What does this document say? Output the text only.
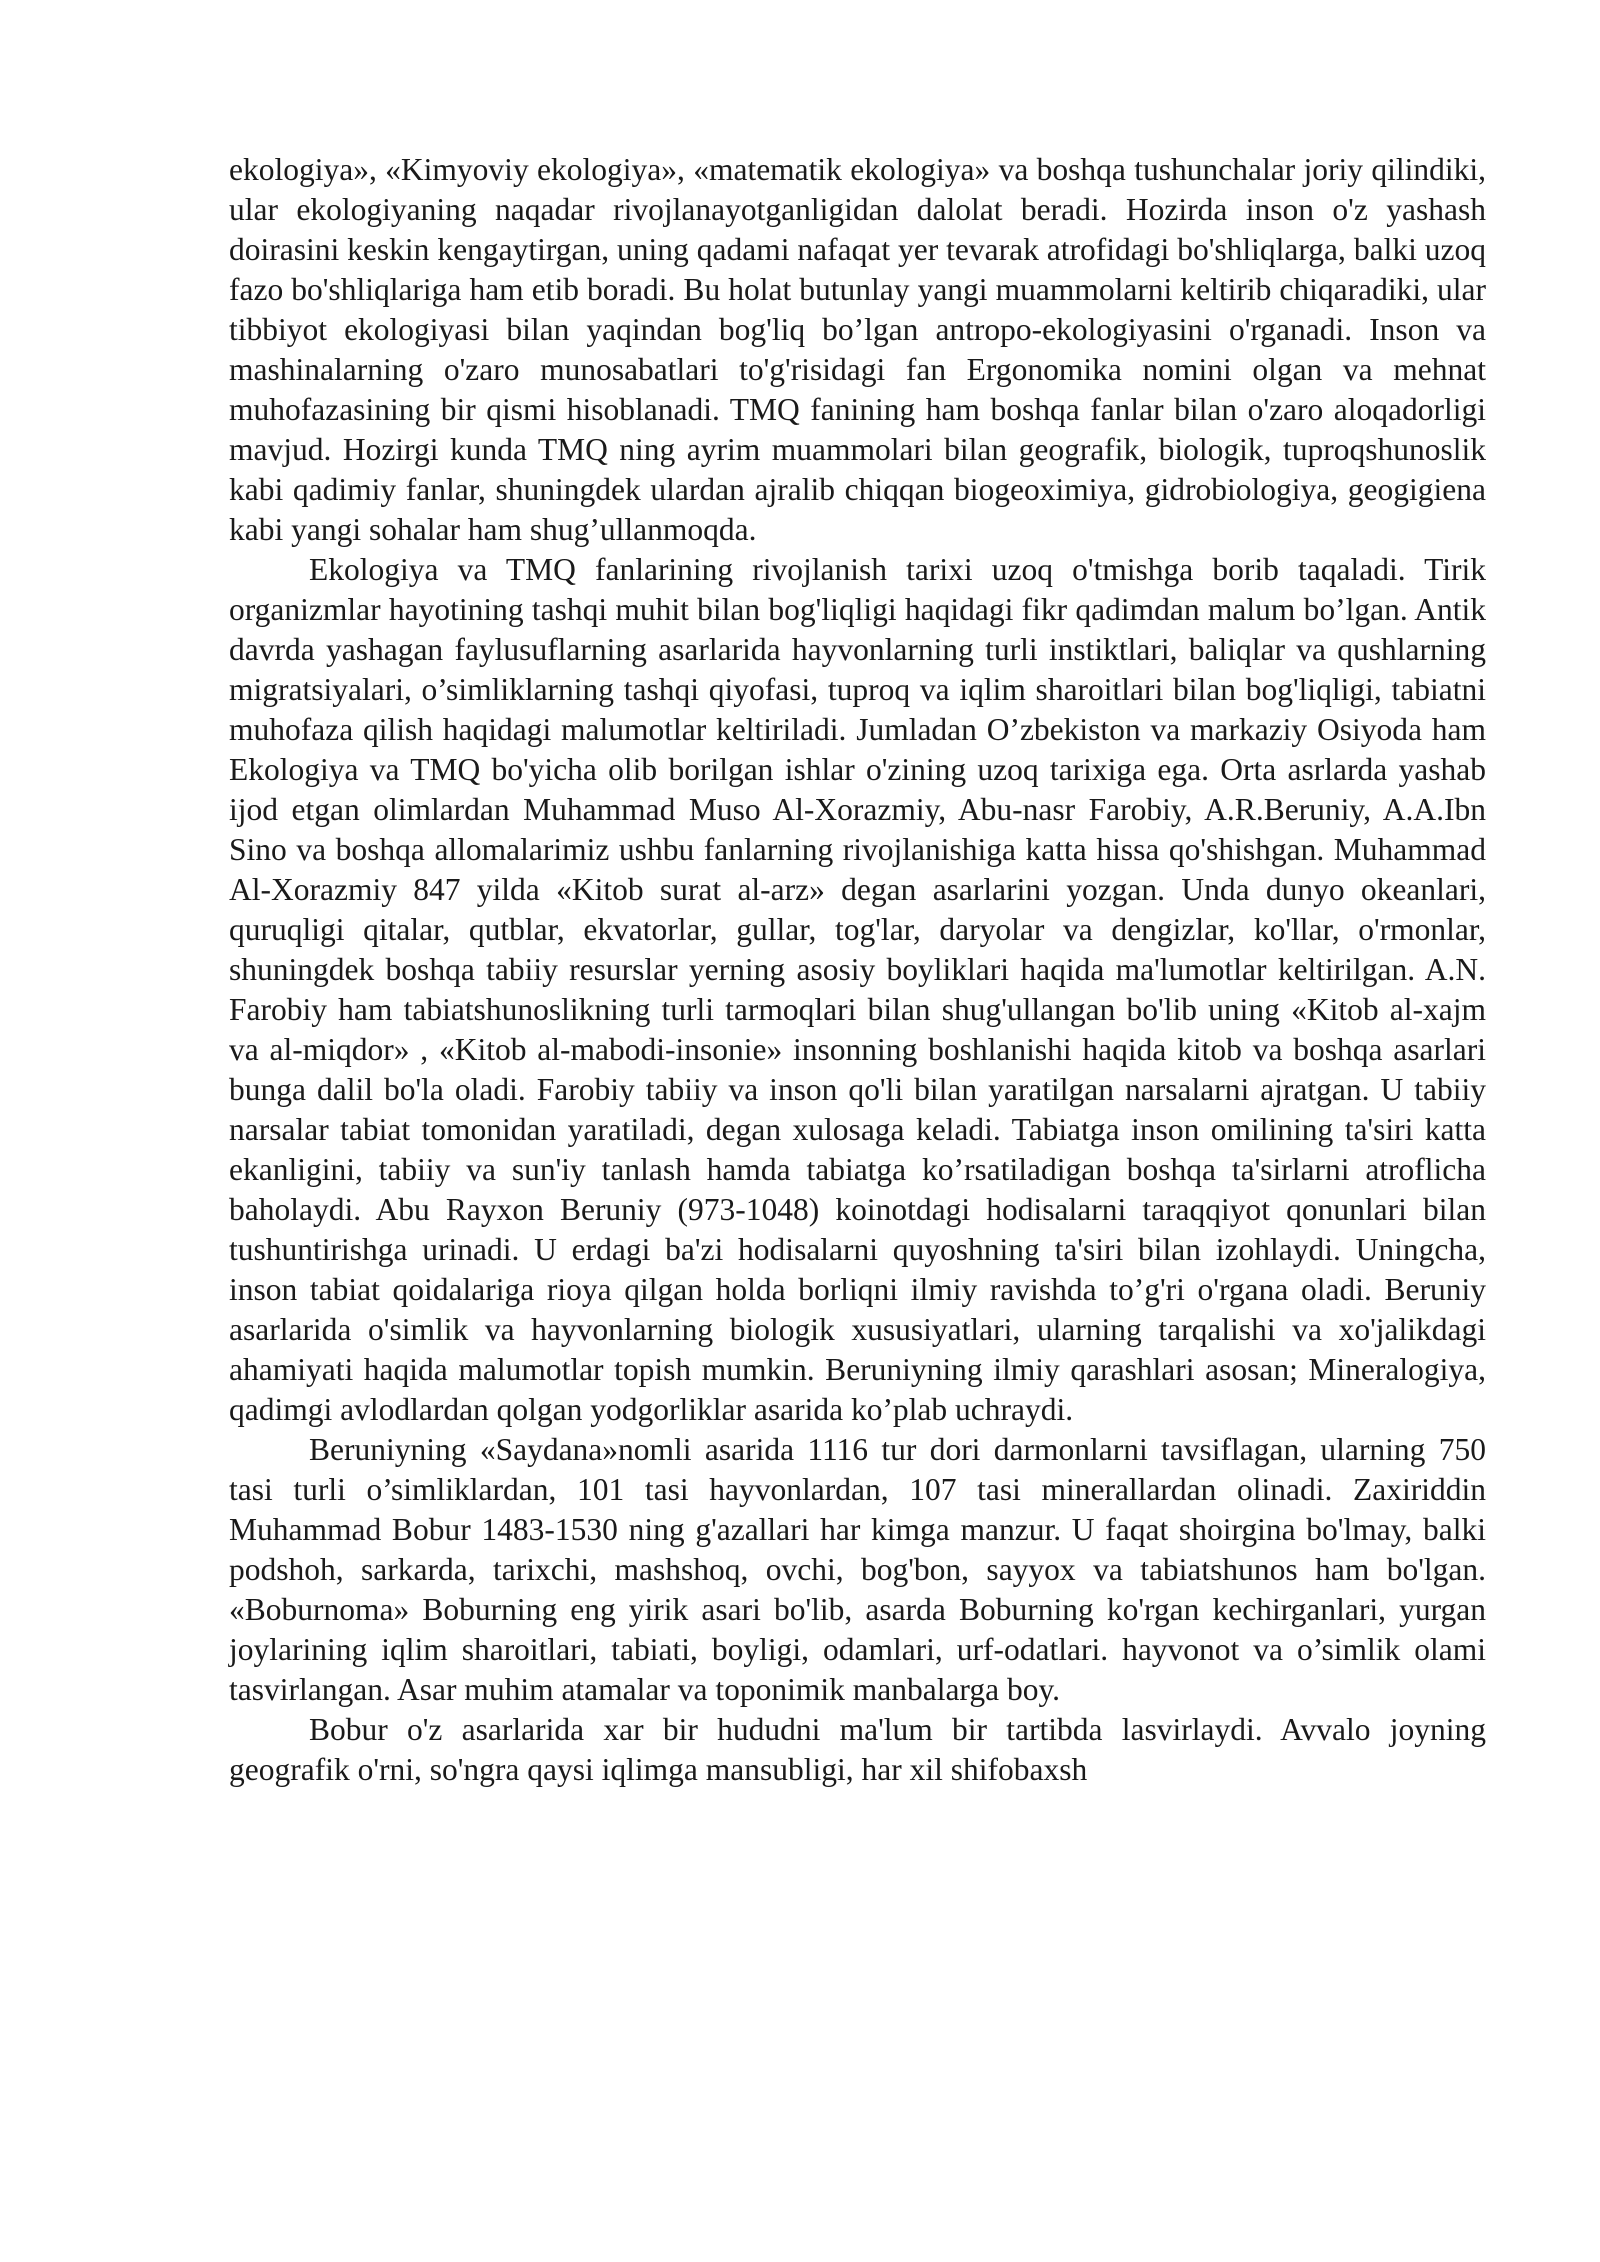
ekologiya», «Kimyoviy ekologiya», «matematik ekologiya» va boshqa tushunchalar joriy qilindiki, ular ekologiyaning naqadar rivojlanayotganligidan dalolat beradi. Hozirda inson o'z yashash doirasini keskin kengaytirgan, uning qadami nafaqat yer tevarak atrofidagi bo'shliqlarga, balki uzoq fazo bo'shliqlariga ham etib boradi. Bu holat butunlay yangi muammolarni keltirib chiqaradiki, ular tibbiyot ekologiyasi bilan yaqindan bog'liq bo’lgan antropo-ekologiyasini o'rganadi. Inson va mashinalarning o'zaro munosabatlari to'g'risidagi fan Ergonomika nomini olgan va mehnat muhofazasining bir qismi hisoblanadi. TMQ fanining ham boshqa fanlar bilan o'zaro aloqadorligi mavjud. Hozirgi kunda TMQ ning ayrim muammolari bilan geografik, biologik, tuproqshunoslik kabi qadimiy fanlar, shuningdek ulardan ajralib chiqqan biogeoximiya, gidrobiologiya, geogigiena kabi yangi sohalar ham shug’ullanmoqda.

Ekologiya va TMQ fanlarining rivojlanish tarixi uzoq o'tmishga borib taqaladi. Tirik organizmlar hayotining tashqi muhit bilan bog'liqligi haqidagi fikr qadimdan malum bo’lgan. Antik davrda yashagan faylusuflarning asarlarida hayvonlarning turli instiktlari, baliqlar va qushlarning migratsiyalari, o’simliklarning tashqi qiyofasi, tuproq va iqlim sharoitlari bilan bog'liqligi, tabiatni muhofaza qilish haqidagi malumotlar keltiriladi. Jumladan O’zbekiston va markaziy Osiyoda ham Ekologiya va TMQ bo'yicha olib borilgan ishlar o'zining uzoq tarixiga ega. Orta asrlarda yashab ijod etgan olimlardan Muhammad Muso Al-Xorazmiy, Abu-nasr Farobiy, A.R.Beruniy, A.A.Ibn Sino va boshqa allomalarimiz ushbu fanlarning rivojlanishiga katta hissa qo'shishgan. Muhammad Al-Xorazmiy 847 yilda «Kitob surat al-arz» degan asarlarini yozgan. Unda dunyo okeanlari, quruqligi qitalar, qutblar, ekvatorlar, gullar, tog'lar, daryolar va dengizlar, ko'llar, o'rmonlar, shuningdek boshqa tabiiy resurslar yerning asosiy boyliklari haqida ma'lumotlar keltirilgan. A.N. Farobiy ham tabiatshunoslikning turli tarmoqlari bilan shug'ullangan bo'lib uning «Kitob al-xajm va al-miqdor» , «Kitob al-mabodi-insonie» insonning boshlanishi haqida kitob va boshqa asarlari bunga dalil bo'la oladi. Farobiy tabiiy va inson qo'li bilan yaratilgan narsalarni ajratgan. U tabiiy narsalar tabiat tomonidan yaratiladi, degan xulosaga keladi. Tabiatga inson omilining ta'siri katta ekanligini, tabiiy va sun'iy tanlash hamda tabiatga ko’rsatiladigan boshqa ta'sirlarni atroflicha baholaydi. Abu Rayxon Beruniy (973-1048) koinotdagi hodisalarni taraqqiyot qonunlari bilan tushuntirishga urinadi. U erdagi ba'zi hodisalarni quyoshning ta'siri bilan izohlaydi. Uningcha, inson tabiat qoidalariga rioya qilgan holda borliqni ilmiy ravishda to’g'ri o'rgana oladi. Beruniy asarlarida o'simlik va hayvonlarning biologik xususiyatlari, ularning tarqalishi va xo'jalikdagi ahamiyati haqida malumotlar topish mumkin. Beruniyning ilmiy qarashlari asosan; Mineralogiya, qadimgi avlodlardan qolgan yodgorliklar asarida ko’plab uchraydi.

Beruniyning «Saydana»nomli asarida 1116 tur dori darmonlarni tavsiflagan, ularning 750 tasi turli o’simliklardan, 101 tasi hayvonlardan, 107 tasi minerallardan olinadi. Zaxiriddin Muhammad Bobur 1483-1530 ning g'azallari har kimga manzur. U faqat shoirgina bo'lmay, balki podshoh, sarkarda, tarixchi, mashshoq, ovchi, bog'bon, sayyox va tabiatshunos ham bo'lgan. «Boburnoma» Boburning eng yirik asari bo'lib, asarda Boburning ko'rgan kechirganlari, yurgan joylarining iqlim sharoitlari, tabiati, boyligi, odamlari, urf-odatlari. hayvonot va o’simlik olami tasvirlangan. Asar muhim atamalar va toponimik manbalarga boy.

Bobur o'z asarlarida xar bir hududni ma'lum bir tartibda lasvirlaydi. Avvalo joyning geografik o'rni, so'ngra qaysi iqlimga mansubligi, har xil shifobaxsh
